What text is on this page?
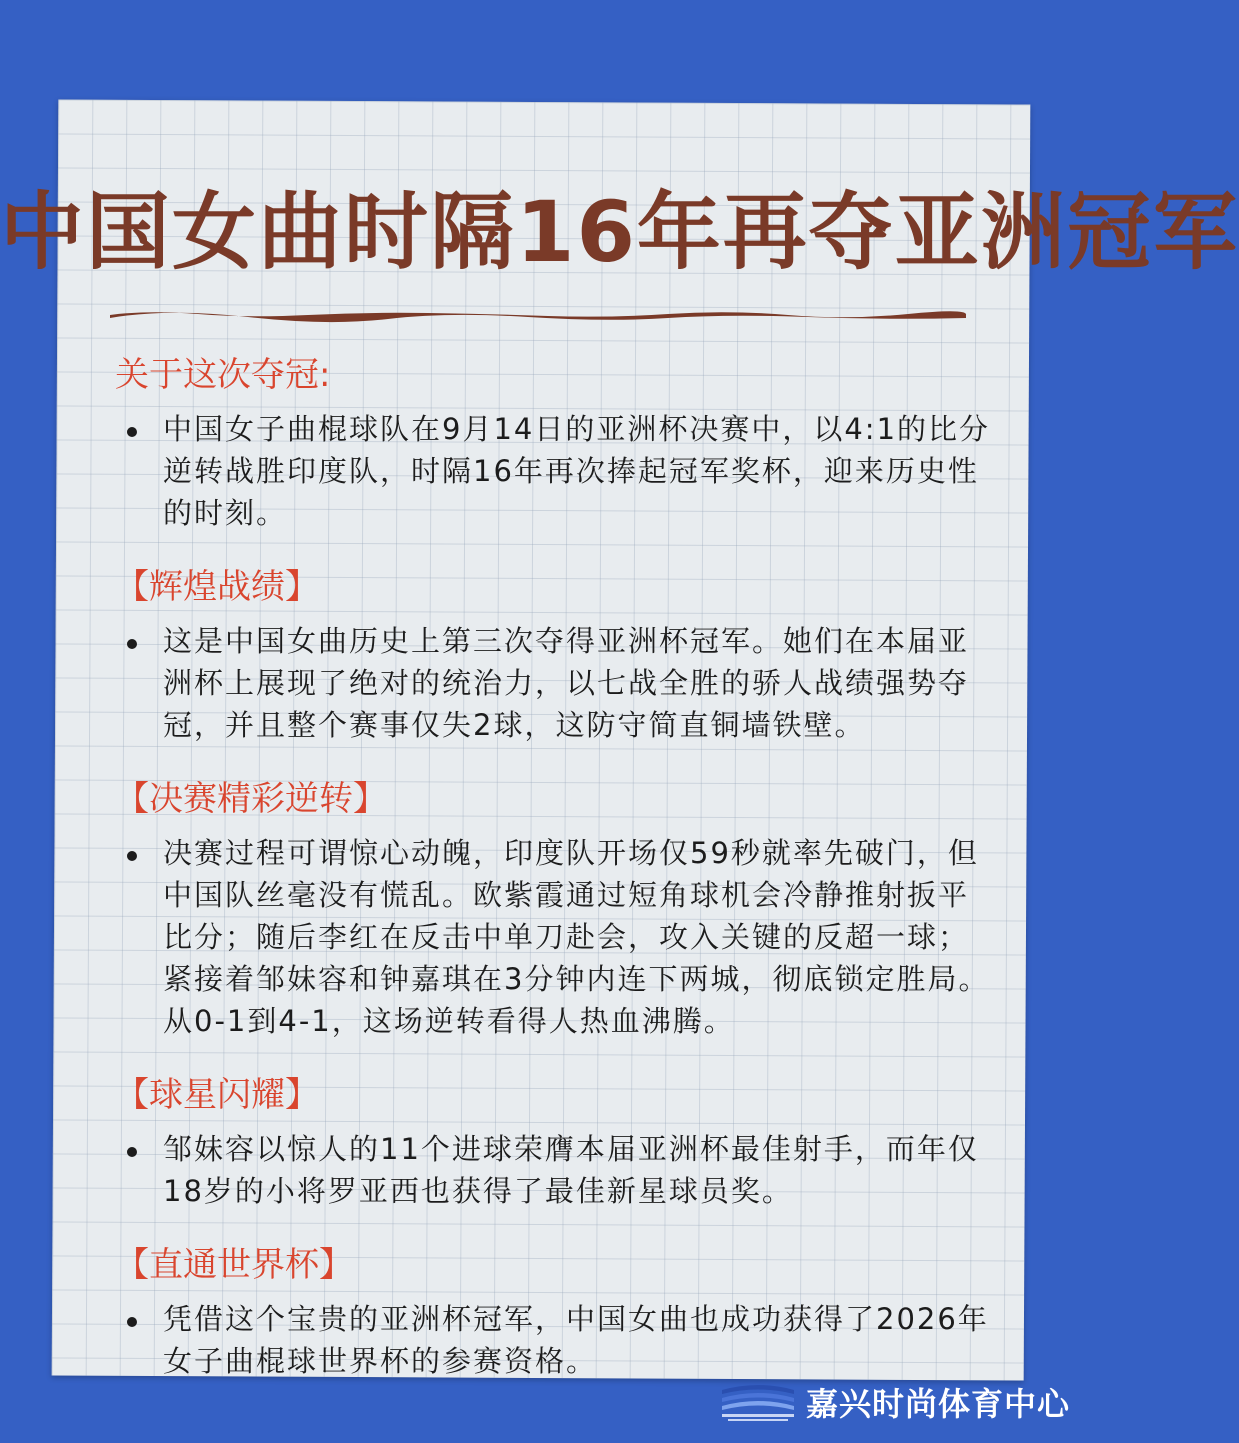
中国女曲时隔16年再夺亚洲冠军
关于这次夺冠:
中国女子曲棍球队在9月14日的亚洲杯决赛中，以4:1的比分逆转战胜印度队，时隔16年再次捧起冠军奖杯，迎来历史性的时刻。
【辉煌战绩】
这是中国女曲历史上第三次夺得亚洲杯冠军。她们在本届亚洲杯上展现了绝对的统治力，以七战全胜的骄人战绩强势夺冠，并且整个赛事仅失2球，这防守简直铜墙铁壁。
【决赛精彩逆转】
决赛过程可谓惊心动魄，印度队开场仅59秒就率先破门，但中国队丝毫没有慌乱。欧紫霞通过短角球机会冷静推射扳平比分；随后李红在反击中单刀赴会，攻入关键的反超一球；紧接着邹妹容和钟嘉琪在3分钟内连下两城，彻底锁定胜局。从0-1到4-1，这场逆转看得人热血沸腾。
【球星闪耀】
邹妹容以惊人的11个进球荣膺本届亚洲杯最佳射手，而年仅18岁的小将罗亚西也获得了最佳新星球员奖。
【直通世界杯】
凭借这个宝贵的亚洲杯冠军，中国女曲也成功获得了2026年女子曲棍球世界杯的参赛资格。
嘉兴时尚体育中心
